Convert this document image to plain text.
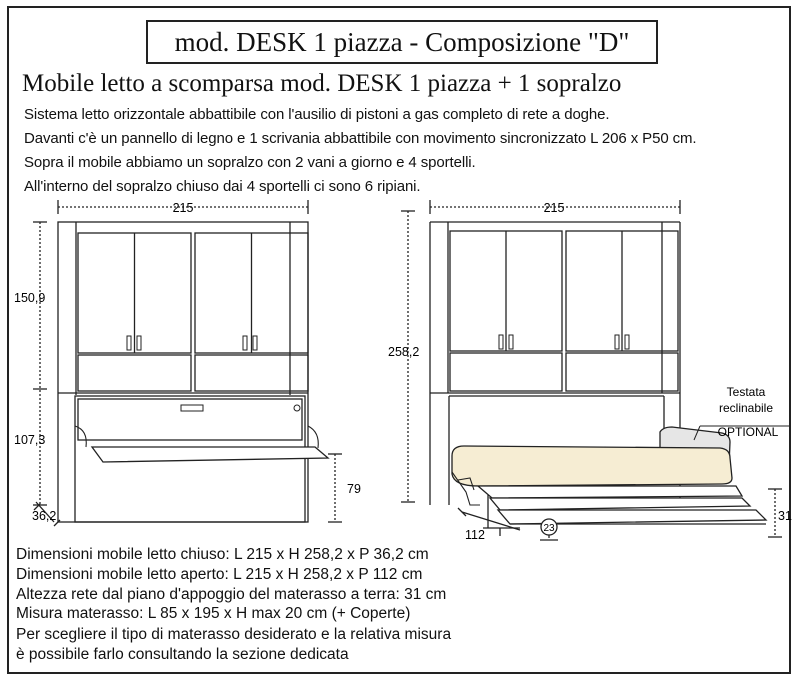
mod. DESK 1 piazza - Composizione "D"
Mobile letto a scomparsa mod. DESK 1 piazza + 1 sopralzo
Sistema letto orizzontale abbattibile con l'ausilio di pistoni a gas completo di rete a doghe.
Davanti c'è un pannello di legno e 1 scrivania abbattibile con movimento sincronizzato L 206 x P50 cm.
Sopra il mobile abbiamo un sopralzo con 2 vani a giorno e 4 sportelli.
All'interno del sopralzo chiuso dai 4 sportelli ci sono 6 ripiani.
215
150,9
107,3
36,2
79
215
258,2
112
31
23
Testata
reclinabile
OPTIONAL
Dimensioni mobile letto chiuso: L 215 x H 258,2 x P 36,2 cm
Dimensioni mobile letto aperto: L 215 x H 258,2 x P 112 cm
Altezza rete dal piano d'appoggio del materasso a terra: 31 cm
Misura materasso: L 85 x 195 x H max 20 cm (+ Coperte)
Per scegliere il tipo di materasso desiderato e la relativa misura
è possibile farlo consultando la sezione dedicata
